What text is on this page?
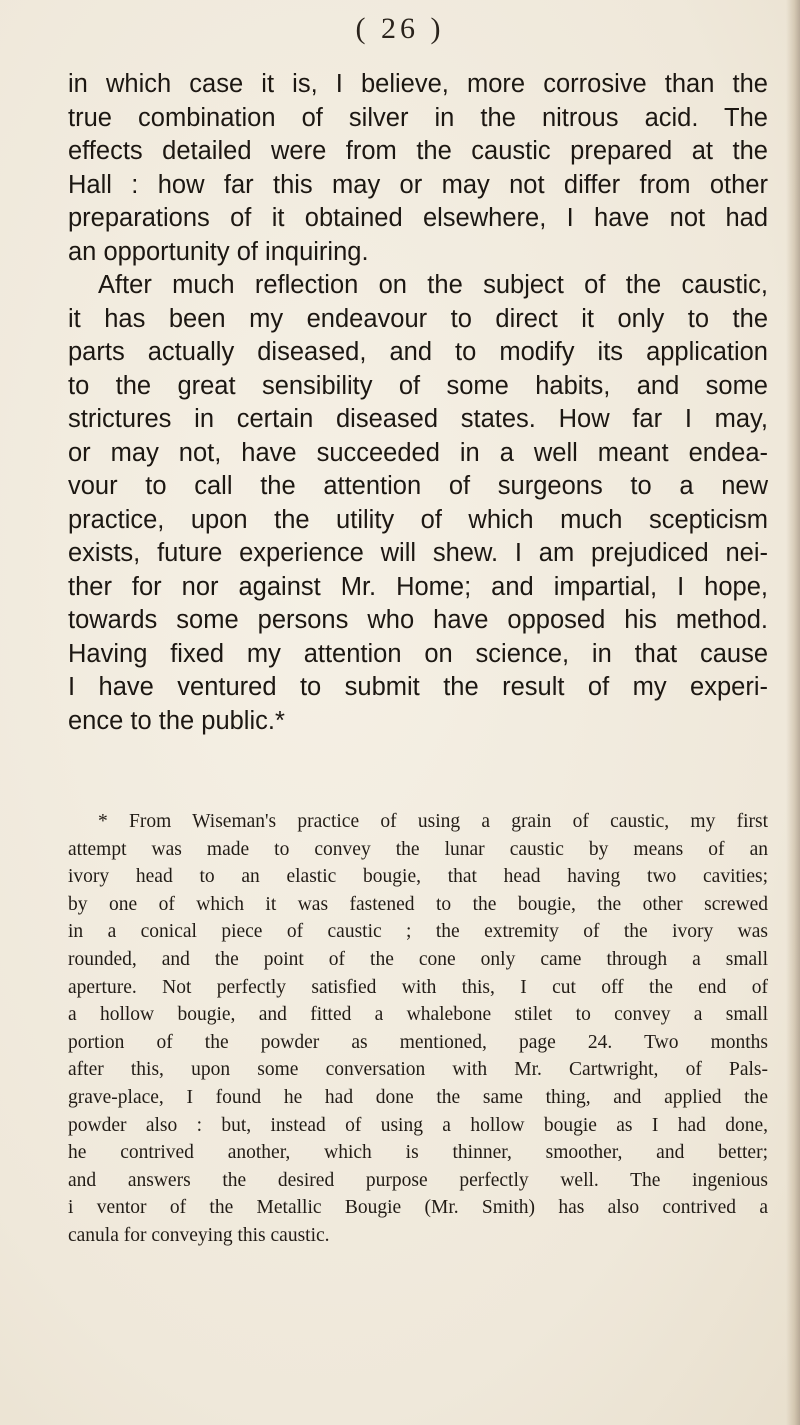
( 26 )
in which case it is, I believe, more corrosive than the
true combination of silver in the nitrous acid. The
effects detailed were from the caustic prepared at the
Hall : how far this may or may not differ from other
preparations of it obtained elsewhere, I have not had
an opportunity of inquiring.
After much reflection on the subject of the caustic,
it has been my endeavour to direct it only to the
parts actually diseased, and to modify its application
to the great sensibility of some habits, and some
strictures in certain diseased states. How far I may,
or may not, have succeeded in a well meant endea-
vour to call the attention of surgeons to a new
practice, upon the utility of which much scepticism
exists, future experience will shew. I am prejudiced nei-
ther for nor against Mr. Home; and impartial, I hope,
towards some persons who have opposed his method.
Having fixed my attention on science, in that cause
I have ventured to submit the result of my experi-
ence to the public.*
* From Wiseman's practice of using a grain of caustic, my first
attempt was made to convey the lunar caustic by means of an
ivory head to an elastic bougie, that head having two cavities;
by one of which it was fastened to the bougie, the other screwed
in a conical piece of caustic ; the extremity of the ivory was
rounded, and the point of the cone only came through a small
aperture. Not perfectly satisfied with this, I cut off the end of
a hollow bougie, and fitted a whalebone stilet to convey a small
portion of the powder as mentioned, page 24. Two months
after this, upon some conversation with Mr. Cartwright, of Pals-
grave-place, I found he had done the same thing, and applied the
powder also : but, instead of using a hollow bougie as I had done,
he contrived another, which is thinner, smoother, and better;
and answers the desired purpose perfectly well. The ingenious
i ventor of the Metallic Bougie (Mr. Smith) has also contrived a
canula for conveying this caustic.
